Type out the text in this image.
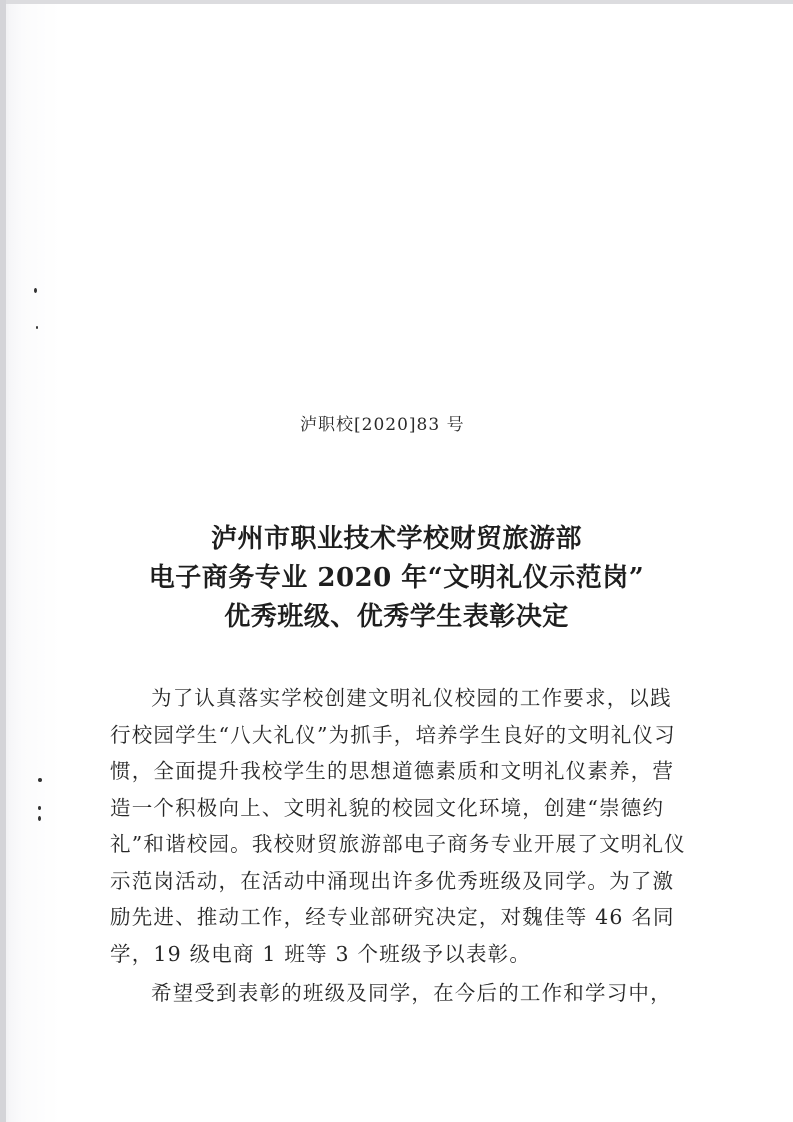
泸职校[2020]83 号
泸州市职业技术学校财贸旅游部
电子商务专业 2020 年“文明礼仪示范岗”
优秀班级、优秀学生表彰决定

为了认真落实学校创建文明礼仪校园的工作要求，以践行校园学生“八大礼仪”为抓手，培养学生良好的文明礼仪习惯，全面提升我校学生的思想道德素质和文明礼仪素养，营造一个积极向上、文明礼貌的校园文化环境，创建“崇德约礼”和谐校园。我校财贸旅游部电子商务专业开展了文明礼仪示范岗活动，在活动中涌现出许多优秀班级及同学。为了激励先进、推动工作，经专业部研究决定，对魏佳等 46 名同学，19 级电商 1 班等 3 个班级予以表彰。

希望受到表彰的班级及同学，在今后的工作和学习中，
